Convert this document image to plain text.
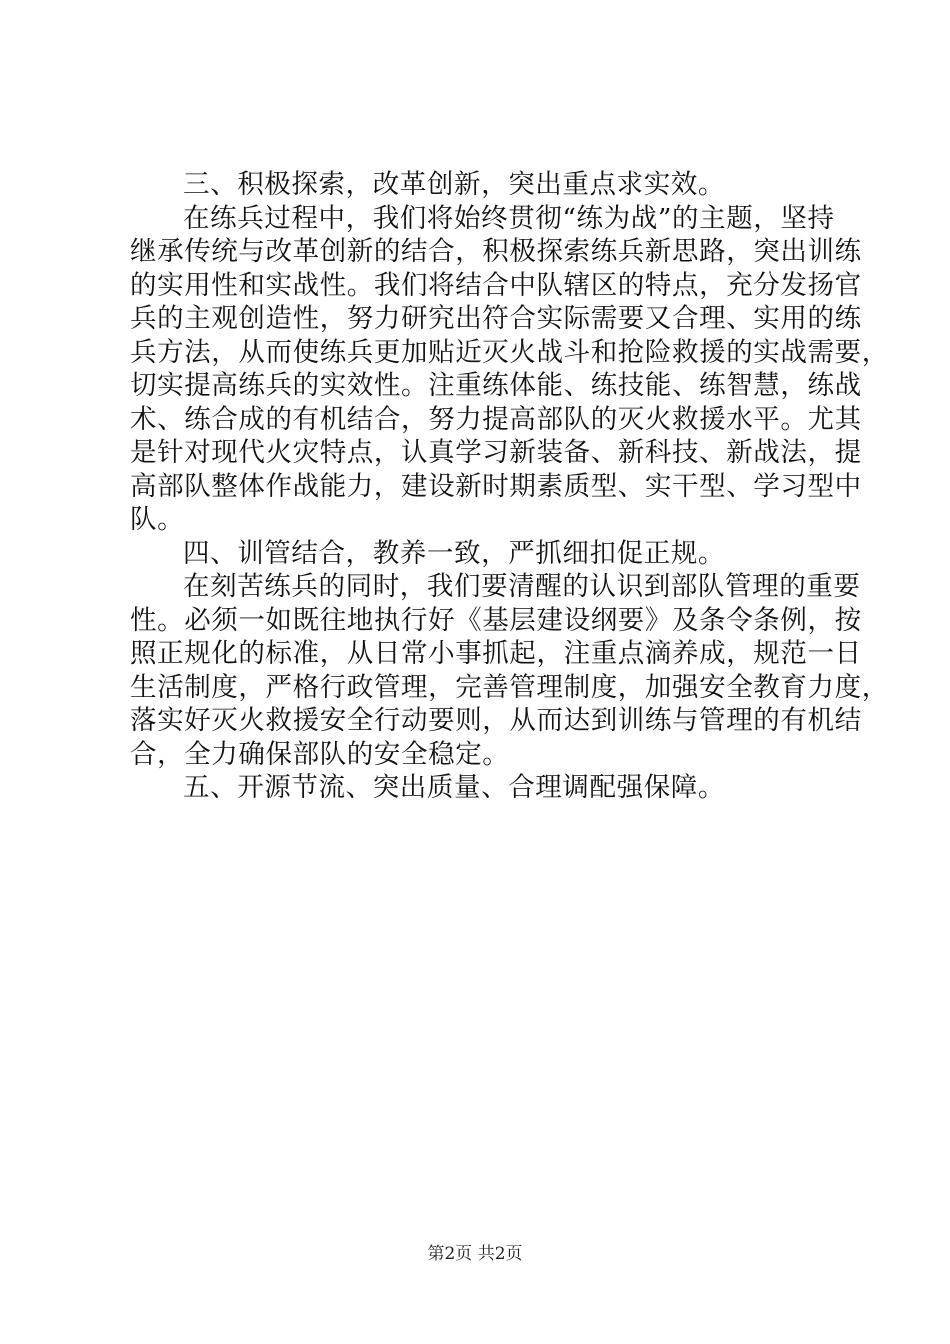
三、积极探索，改革创新，突出重点求实效。
在练兵过程中，我们将始终贯彻“练为战”的主题，坚持
继承传统与改革创新的结合，积极探索练兵新思路，突出训练
的实用性和实战性。我们将结合中队辖区的特点，充分发扬官
兵的主观创造性，努力研究出符合实际需要又合理、实用的练
兵方法，从而使练兵更加贴近灭火战斗和抢险救援的实战需要，
切实提高练兵的实效性。注重练体能、练技能、练智慧，练战
术、练合成的有机结合，努力提高部队的灭火救援水平。尤其
是针对现代火灾特点，认真学习新装备、新科技、新战法，提
高部队整体作战能力，建设新时期素质型、实干型、学习型中
队。
四、训管结合，教养一致，严抓细扣促正规。
在刻苦练兵的同时，我们要清醒的认识到部队管理的重要
性。必须一如既往地执行好《基层建设纲要》及条令条例，按
照正规化的标准，从日常小事抓起，注重点滴养成，规范一日
生活制度，严格行政管理，完善管理制度，加强安全教育力度，
落实好灭火救援安全行动要则，从而达到训练与管理的有机结
合，全力确保部队的安全稳定。
五、开源节流、突出质量、合理调配强保障。
第2页 共2页
